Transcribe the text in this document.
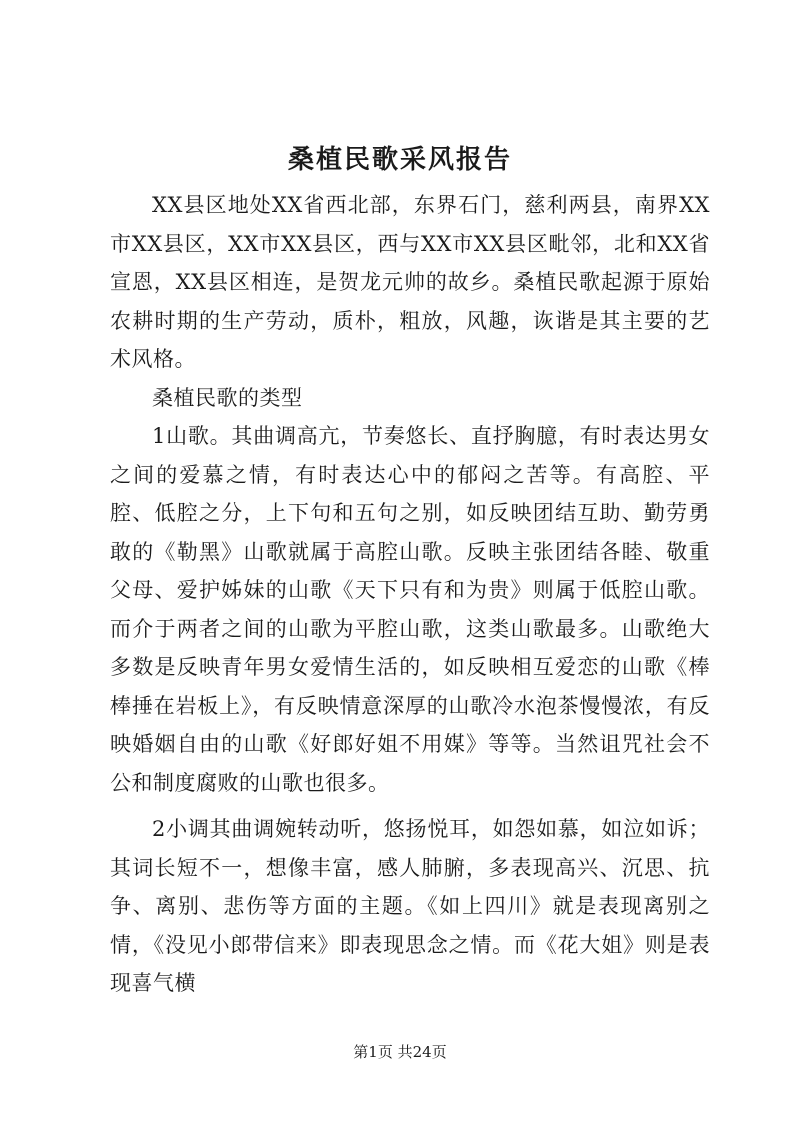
桑植民歌采风报告

XX县区地处XX省西北部，东界石门，慈利两县，南界XX市XX县区，XX市XX县区，西与XX市XX县区毗邻，北和XX省宣恩，XX县区相连，是贺龙元帅的故乡。桑植民歌起源于原始农耕时期的生产劳动，质朴，粗放，风趣，诙谐是其主要的艺术风格。

桑植民歌的类型

1山歌。其曲调高亢，节奏悠长、直抒胸臆，有时表达男女之间的爱慕之情，有时表达心中的郁闷之苦等。有高腔、平腔、低腔之分，上下句和五句之别，如反映团结互助、勤劳勇敢的《勒黑》山歌就属于高腔山歌。反映主张团结各睦、敬重父母、爱护姊妹的山歌《天下只有和为贵》则属于低腔山歌。而介于两者之间的山歌为平腔山歌，这类山歌最多。山歌绝大多数是反映青年男女爱情生活的，如反映相互爱恋的山歌《棒棒捶在岩板上》，有反映情意深厚的山歌冷水泡茶慢慢浓，有反映婚姻自由的山歌《好郎好姐不用媒》等等。当然诅咒社会不公和制度腐败的山歌也很多。

2小调其曲调婉转动听，悠扬悦耳，如怨如慕，如泣如诉；其词长短不一，想像丰富，感人肺腑，多表现高兴、沉思、抗争、离别、悲伤等方面的主题。《如上四川》就是表现离别之情，《没见小郎带信来》即表现思念之情。而《花大姐》则是表现喜气横

第1页 共24页
